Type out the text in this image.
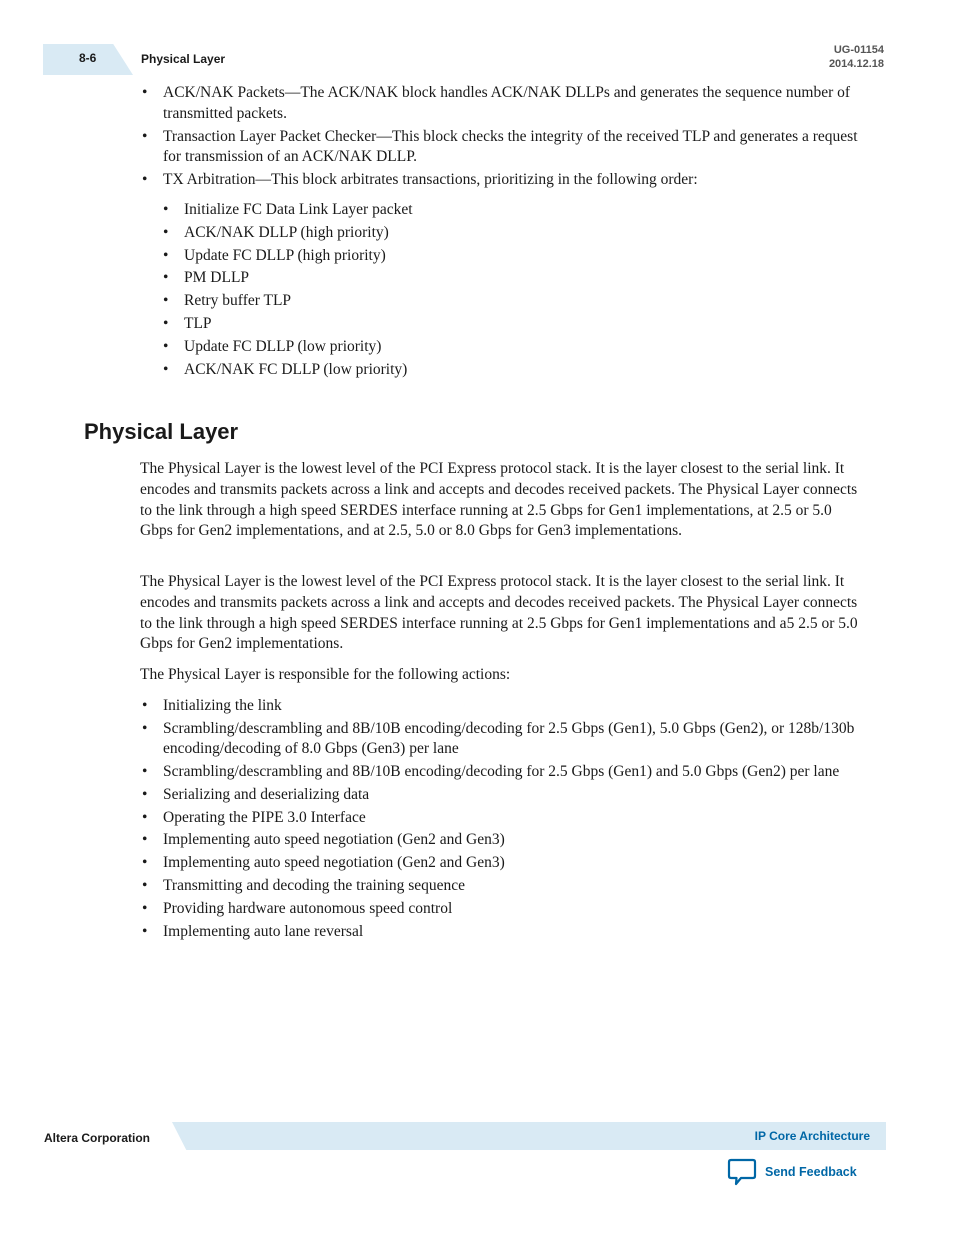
8-6	Physical Layer
UG-01154
2014.12.18
• ACK/NAK Packets—The ACK/NAK block handles ACK/NAK DLLPs and generates the sequence number of transmitted packets.
• Transaction Layer Packet Checker—This block checks the integrity of the received TLP and generates a request for transmission of an ACK/NAK DLLP.
• TX Arbitration—This block arbitrates transactions, prioritizing in the following order:
• Initialize FC Data Link Layer packet
• ACK/NAK DLLP (high priority)
• Update FC DLLP (high priority)
• PM DLLP
• Retry buffer TLP
• TLP
• Update FC DLLP (low priority)
• ACK/NAK FC DLLP (low priority)
Physical Layer

The Physical Layer is the lowest level of the PCI Express protocol stack. It is the layer closest to the serial link. It encodes and transmits packets across a link and accepts and decodes received packets. The Physical Layer connects to the link through a high speed SERDES interface running at 2.5 Gbps for Gen1 implementations, at 2.5 or 5.0 Gbps for Gen2 implementations, and at 2.5, 5.0 or 8.0 Gbps for Gen3 implementations.

The Physical Layer is the lowest level of the PCI Express protocol stack. It is the layer closest to the serial link. It encodes and transmits packets across a link and accepts and decodes received packets. The Physical Layer connects to the link through a high speed SERDES interface running at 2.5 Gbps for Gen1 implementations and a5 2.5 or 5.0 Gbps for Gen2 implementations.

The Physical Layer is responsible for the following actions:

• Initializing the link
• Scrambling/descrambling and 8B/10B encoding/decoding for 2.5 Gbps (Gen1), 5.0 Gbps (Gen2), or 128b/130b encoding/decoding of 8.0 Gbps (Gen3) per lane
• Scrambling/descrambling and 8B/10B encoding/decoding for 2.5 Gbps (Gen1) and 5.0 Gbps (Gen2) per lane
• Serializing and deserializing data
• Operating the PIPE 3.0 Interface
• Implementing auto speed negotiation (Gen2 and Gen3)
• Implementing auto speed negotiation (Gen2 and Gen3)
• Transmitting and decoding the training sequence
• Providing hardware autonomous speed control
• Implementing auto lane reversal
Altera Corporation	IP Core Architecture
Send Feedback
